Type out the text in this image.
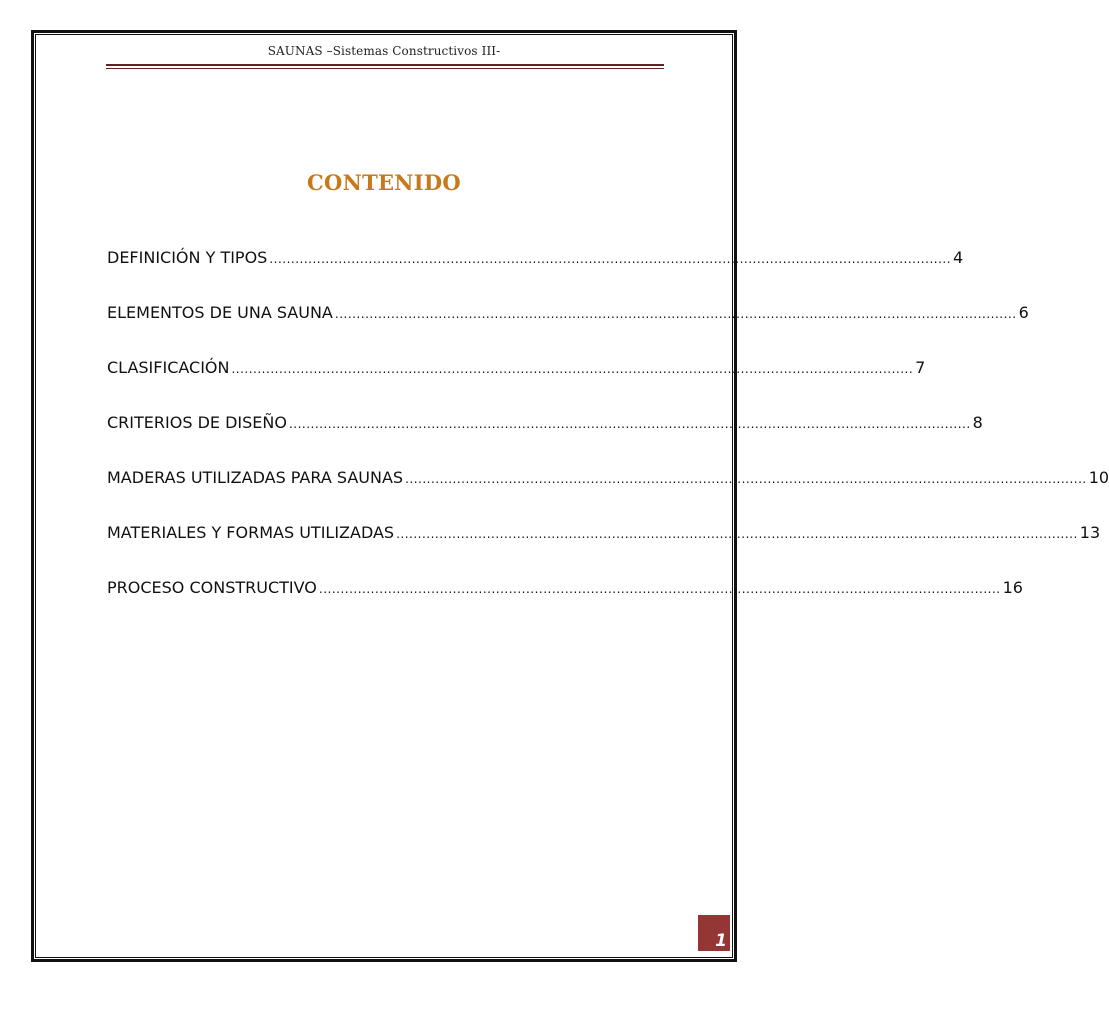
SAUNAS –Sistemas Constructivos III-
CONTENIDO
DEFINICIÓN Y TIPOS .............................................................................................................................................................. 4
ELEMENTOS DE UNA SAUNA .............................................................................................................................................................. 6
CLASIFICACIÓN .............................................................................................................................................................. 7
CRITERIOS DE DISEÑO .............................................................................................................................................................. 8
MADERAS UTILIZADAS PARA SAUNAS .............................................................................................................................................................. 10
MATERIALES Y FORMAS UTILIZADAS .............................................................................................................................................................. 13
PROCESO CONSTRUCTIVO .............................................................................................................................................................. 16
1
